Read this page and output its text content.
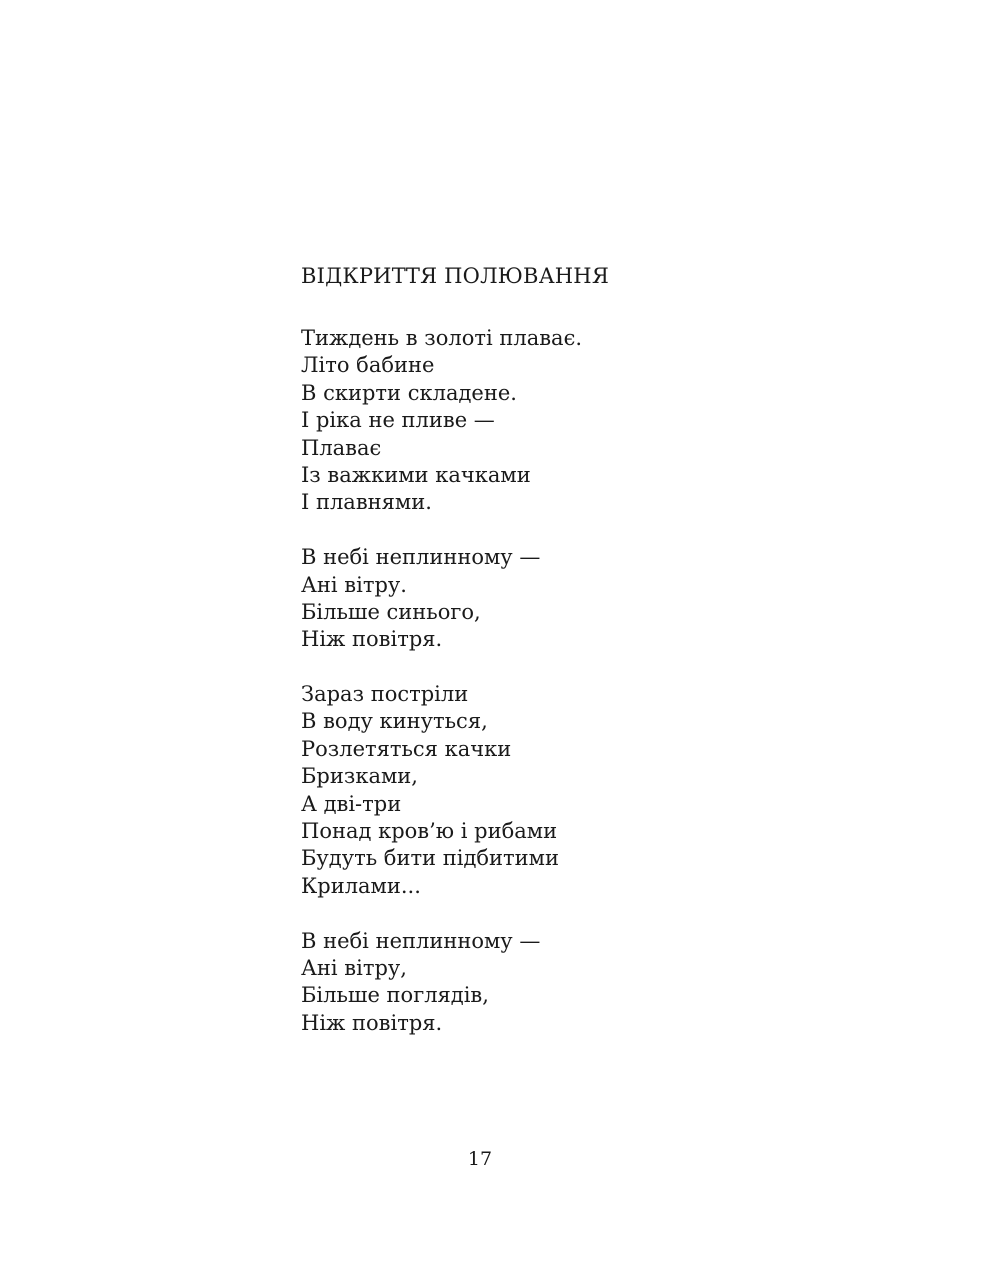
ВІДКРИТТЯ ПОЛЮВАННЯ
Тиждень в золоті плаває.
Літо бабине
В скирти складене.
І ріка не пливе —
Плаває
Із важкими качками
І плавнями.
В небі неплинному —
Ані вітру.
Більше синього,
Ніж повітря.
Зараз постріли
В воду кинуться,
Розлетяться качки
Бризками,
А дві-три
Понад кров’ю і рибами
Будуть бити підбитими
Крилами...
В небі неплинному —
Ані вітру,
Більше поглядів,
Ніж повітря.
17
